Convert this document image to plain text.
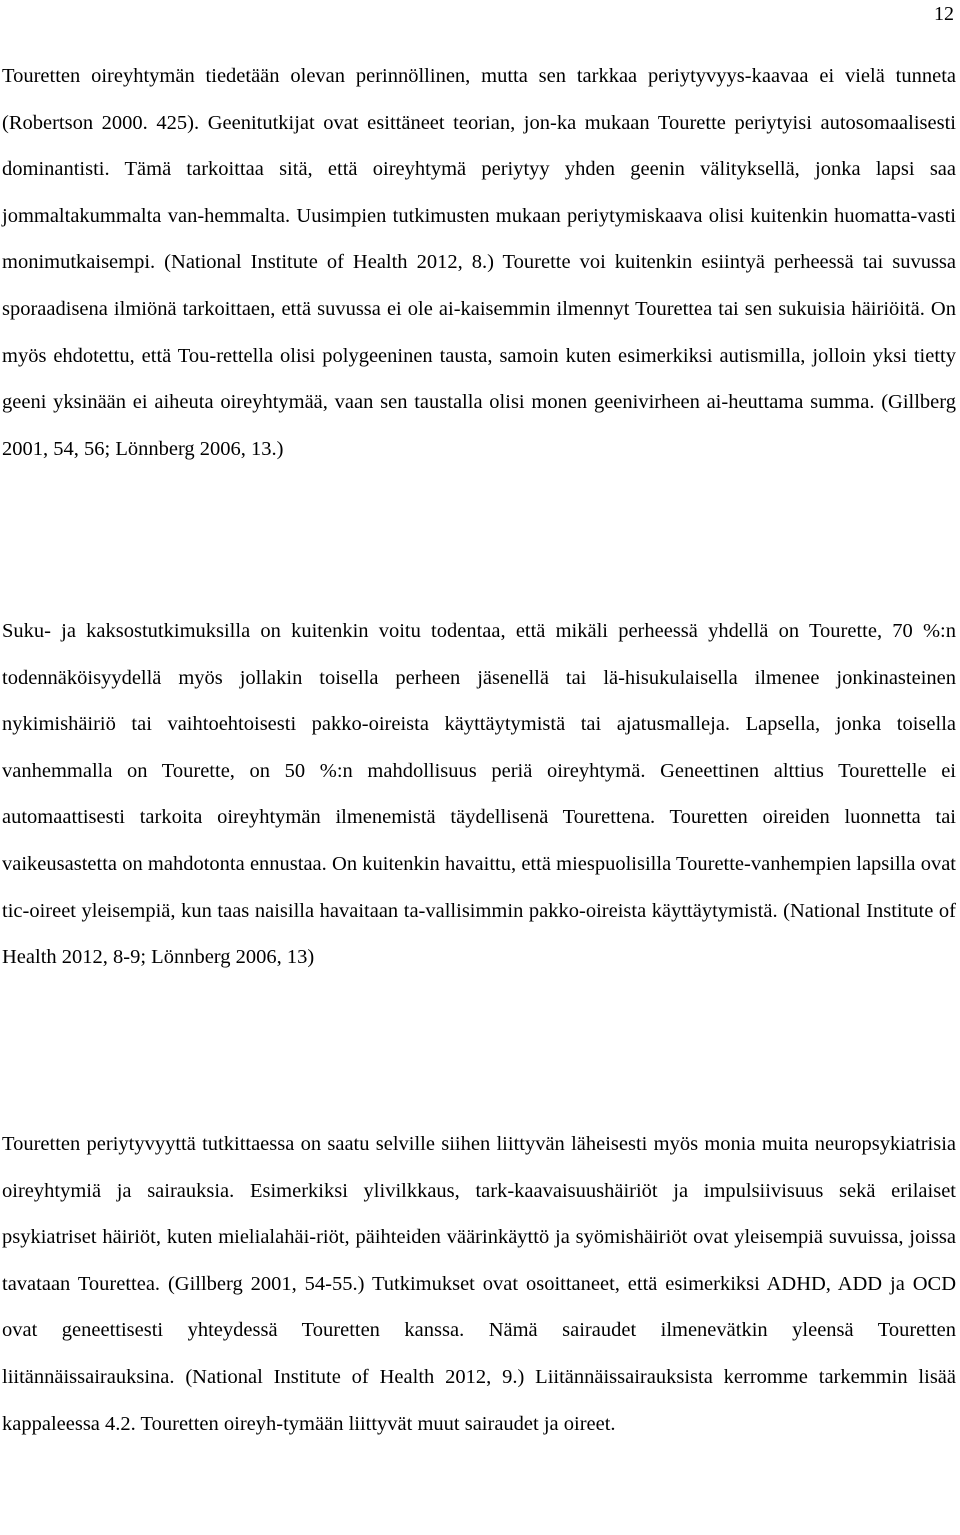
12

Touretten oireyhtymän tiedetään olevan perinnöllinen, mutta sen tarkkaa periytyvyys-kaavaa ei vielä tunneta (Robertson 2000. 425). Geenitutkijat ovat esittäneet teorian, jon-ka mukaan Tourette periytyisi autosomaalisesti dominantisti. Tämä tarkoittaa sitä, että oireyhtymä periytyy yhden geenin välityksellä, jonka lapsi saa jommaltakummalta van-hemmalta. Uusimpien tutkimusten mukaan periytymiskaava olisi kuitenkin huomatta-vasti monimutkaisempi. (National Institute of Health 2012, 8.) Tourette voi kuitenkin esiintyä perheessä tai suvussa sporaadisena ilmiönä tarkoittaen, että suvussa ei ole ai-kaisemmin ilmennyt Tourettea tai sen sukuisia häiriöitä. On myös ehdotettu, että Tou-rettella olisi polygeeninen tausta, samoin kuten esimerkiksi autismilla, jolloin yksi tietty geeni yksinään ei aiheuta oireyhtymää, vaan sen taustalla olisi monen geenivirheen ai-heuttama summa. (Gillberg 2001, 54, 56; Lönnberg 2006, 13.)

Suku- ja kaksostutkimuksilla on kuitenkin voitu todentaa, että mikäli perheessä yhdellä on Tourette, 70 %:n todennäköisyydellä myös jollakin toisella perheen jäsenellä tai lä-hisukulaisella ilmenee jonkinasteinen nykimishäiriö tai vaihtoehtoisesti pakko-oireista käyttäytymistä tai ajatusmalleja. Lapsella, jonka toisella vanhemmalla on Tourette, on 50 %:n mahdollisuus periä oireyhtymä. Geneettinen alttius Tourettelle ei automaattisesti tarkoita oireyhtymän ilmenemistä täydellisenä Tourettena. Touretten oireiden luonnetta tai vaikeusastetta on mahdotonta ennustaa. On kuitenkin havaittu, että miespuolisilla Tourette-vanhempien lapsilla ovat tic-oireet yleisempiä, kun taas naisilla havaitaan ta-vallisimmin pakko-oireista käyttäytymistä. (National Institute of Health 2012, 8-9; Lönnberg 2006, 13)

Touretten periytyvyyttä tutkittaessa on saatu selville siihen liittyvän läheisesti myös monia muita neuropsykiatrisia oireyhtymiä ja sairauksia. Esimerkiksi ylivilkkaus, tark-kaavaisuushäiriöt ja impulsiivisuus sekä erilaiset psykiatriset häiriöt, kuten mielialahäi-riöt, päihteiden väärinkäyttö ja syömishäiriöt ovat yleisempiä suvuissa, joissa tavataan Tourettea. (Gillberg 2001, 54-55.) Tutkimukset ovat osoittaneet, että esimerkiksi ADHD, ADD ja OCD ovat geneettisesti yhteydessä Touretten kanssa. Nämä sairaudet ilmenevätkin yleensä Touretten liitännäissairauksina. (National Institute of Health 2012, 9.) Liitännäissairauksista kerromme tarkemmin lisää kappaleessa 4.2. Touretten oireyh-tymään liittyvät muut sairaudet ja oireet.
